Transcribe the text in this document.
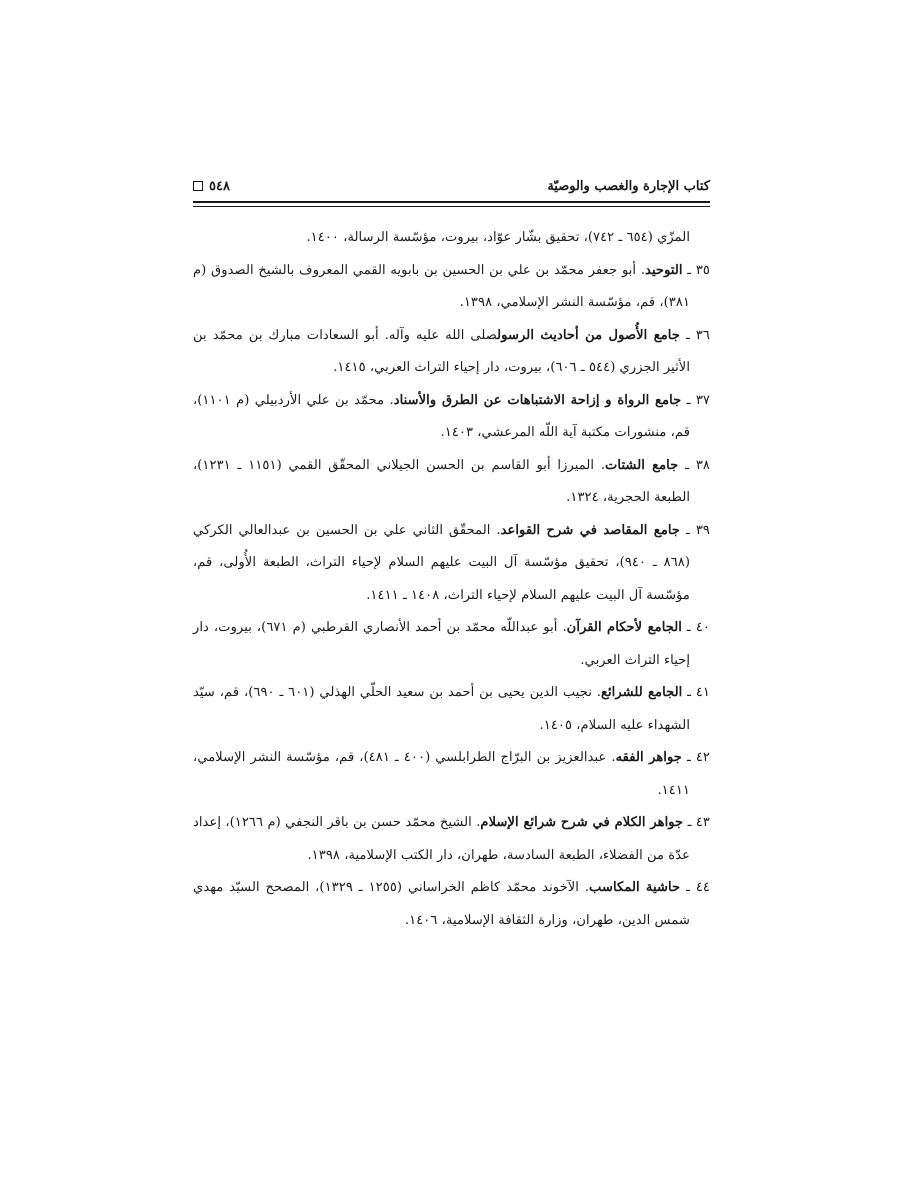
٥٤٨	كتاب الإجارة والغصب والوصيّة

المزّي (٦٥٤ ـ ٧٤٢)، تحقيق بشّار عوّاد، بيروت، مؤسّسة الرسالة، ١٤٠٠.

٣٥ ـ التوحيد. أبو جعفر محمّد بن علي بن الحسين بن بابويه القمي المعروف بالشيخ الصدوق (م ٣٨١)، قم، مؤسّسة النشر الإسلامي، ١٣٩٨.

٣٦ ـ جامع الأُصول من أحاديث الرسولصلى الله عليه وآله. أبو السعادات مبارك بن محمّد بن الأثير الجزري (٥٤٤ ـ ٦٠٦)، بيروت، دار إحياء التراث العربي، ١٤١٥.

٣٧ ـ جامع الرواة و إزاحة الاشتباهات عن الطرق والأسناد. محمّد بن علي الأردبيلي (م ١١٠١)، قم، منشورات مكتبة آية اللّه المرعشي، ١٤٠٣.

٣٨ ـ جامع الشتات. الميرزا أبو القاسم بن الحسن الجيلاني المحقّق القمي (١١٥١ ـ ١٢٣١)، الطبعة الحجرية، ١٣٢٤.

٣٩ ـ جامع المقاصد في شرح القواعد. المحقّق الثاني علي بن الحسين بن عبدالعالي الكركي (٨٦٨ ـ ٩٤٠)، تحقيق مؤسّسة آل البيت عليهم السلام لإحياء التراث، الطبعة الأُولى، قم، مؤسّسة آل البيت عليهم السلام لإحياء التراث، ١٤٠٨ ـ ١٤١١.

٤٠ ـ الجامع لأحكام القرآن. أبو عبداللّه محمّد بن أحمد الأنصاري القرطبي (م ٦٧١)، بيروت، دار إحياء التراث العربي.

٤١ ـ الجامع للشرائع. نجيب الدين يحيى بن أحمد بن سعيد الحلّي الهذلي (٦٠١ ـ ٦٩٠)، قم، سيّد الشهداء عليه السلام، ١٤٠٥.

٤٢ ـ جواهر الفقه. عبدالعزيز بن البرّاج الطرابلسي (٤٠٠ ـ ٤٨١)، قم، مؤسّسة النشر الإسلامي، ١٤١١.

٤٣ ـ جواهر الكلام في شرح شرائع الإسلام. الشيخ محمّد حسن بن باقر النجفي (م ١٢٦٦)، إعداد عدّة من الفضلاء، الطبعة السادسة، طهران، دار الكتب الإسلامية، ١٣٩٨.

٤٤ ـ حاشية المكاسب. الآخوند محمّد كاظم الخراساني (١٢٥٥ ـ ١٣٢٩)، المصحح السيّد مهدي شمس الدين، طهران، وزارة الثقافة الإسلامية، ١٤٠٦.
